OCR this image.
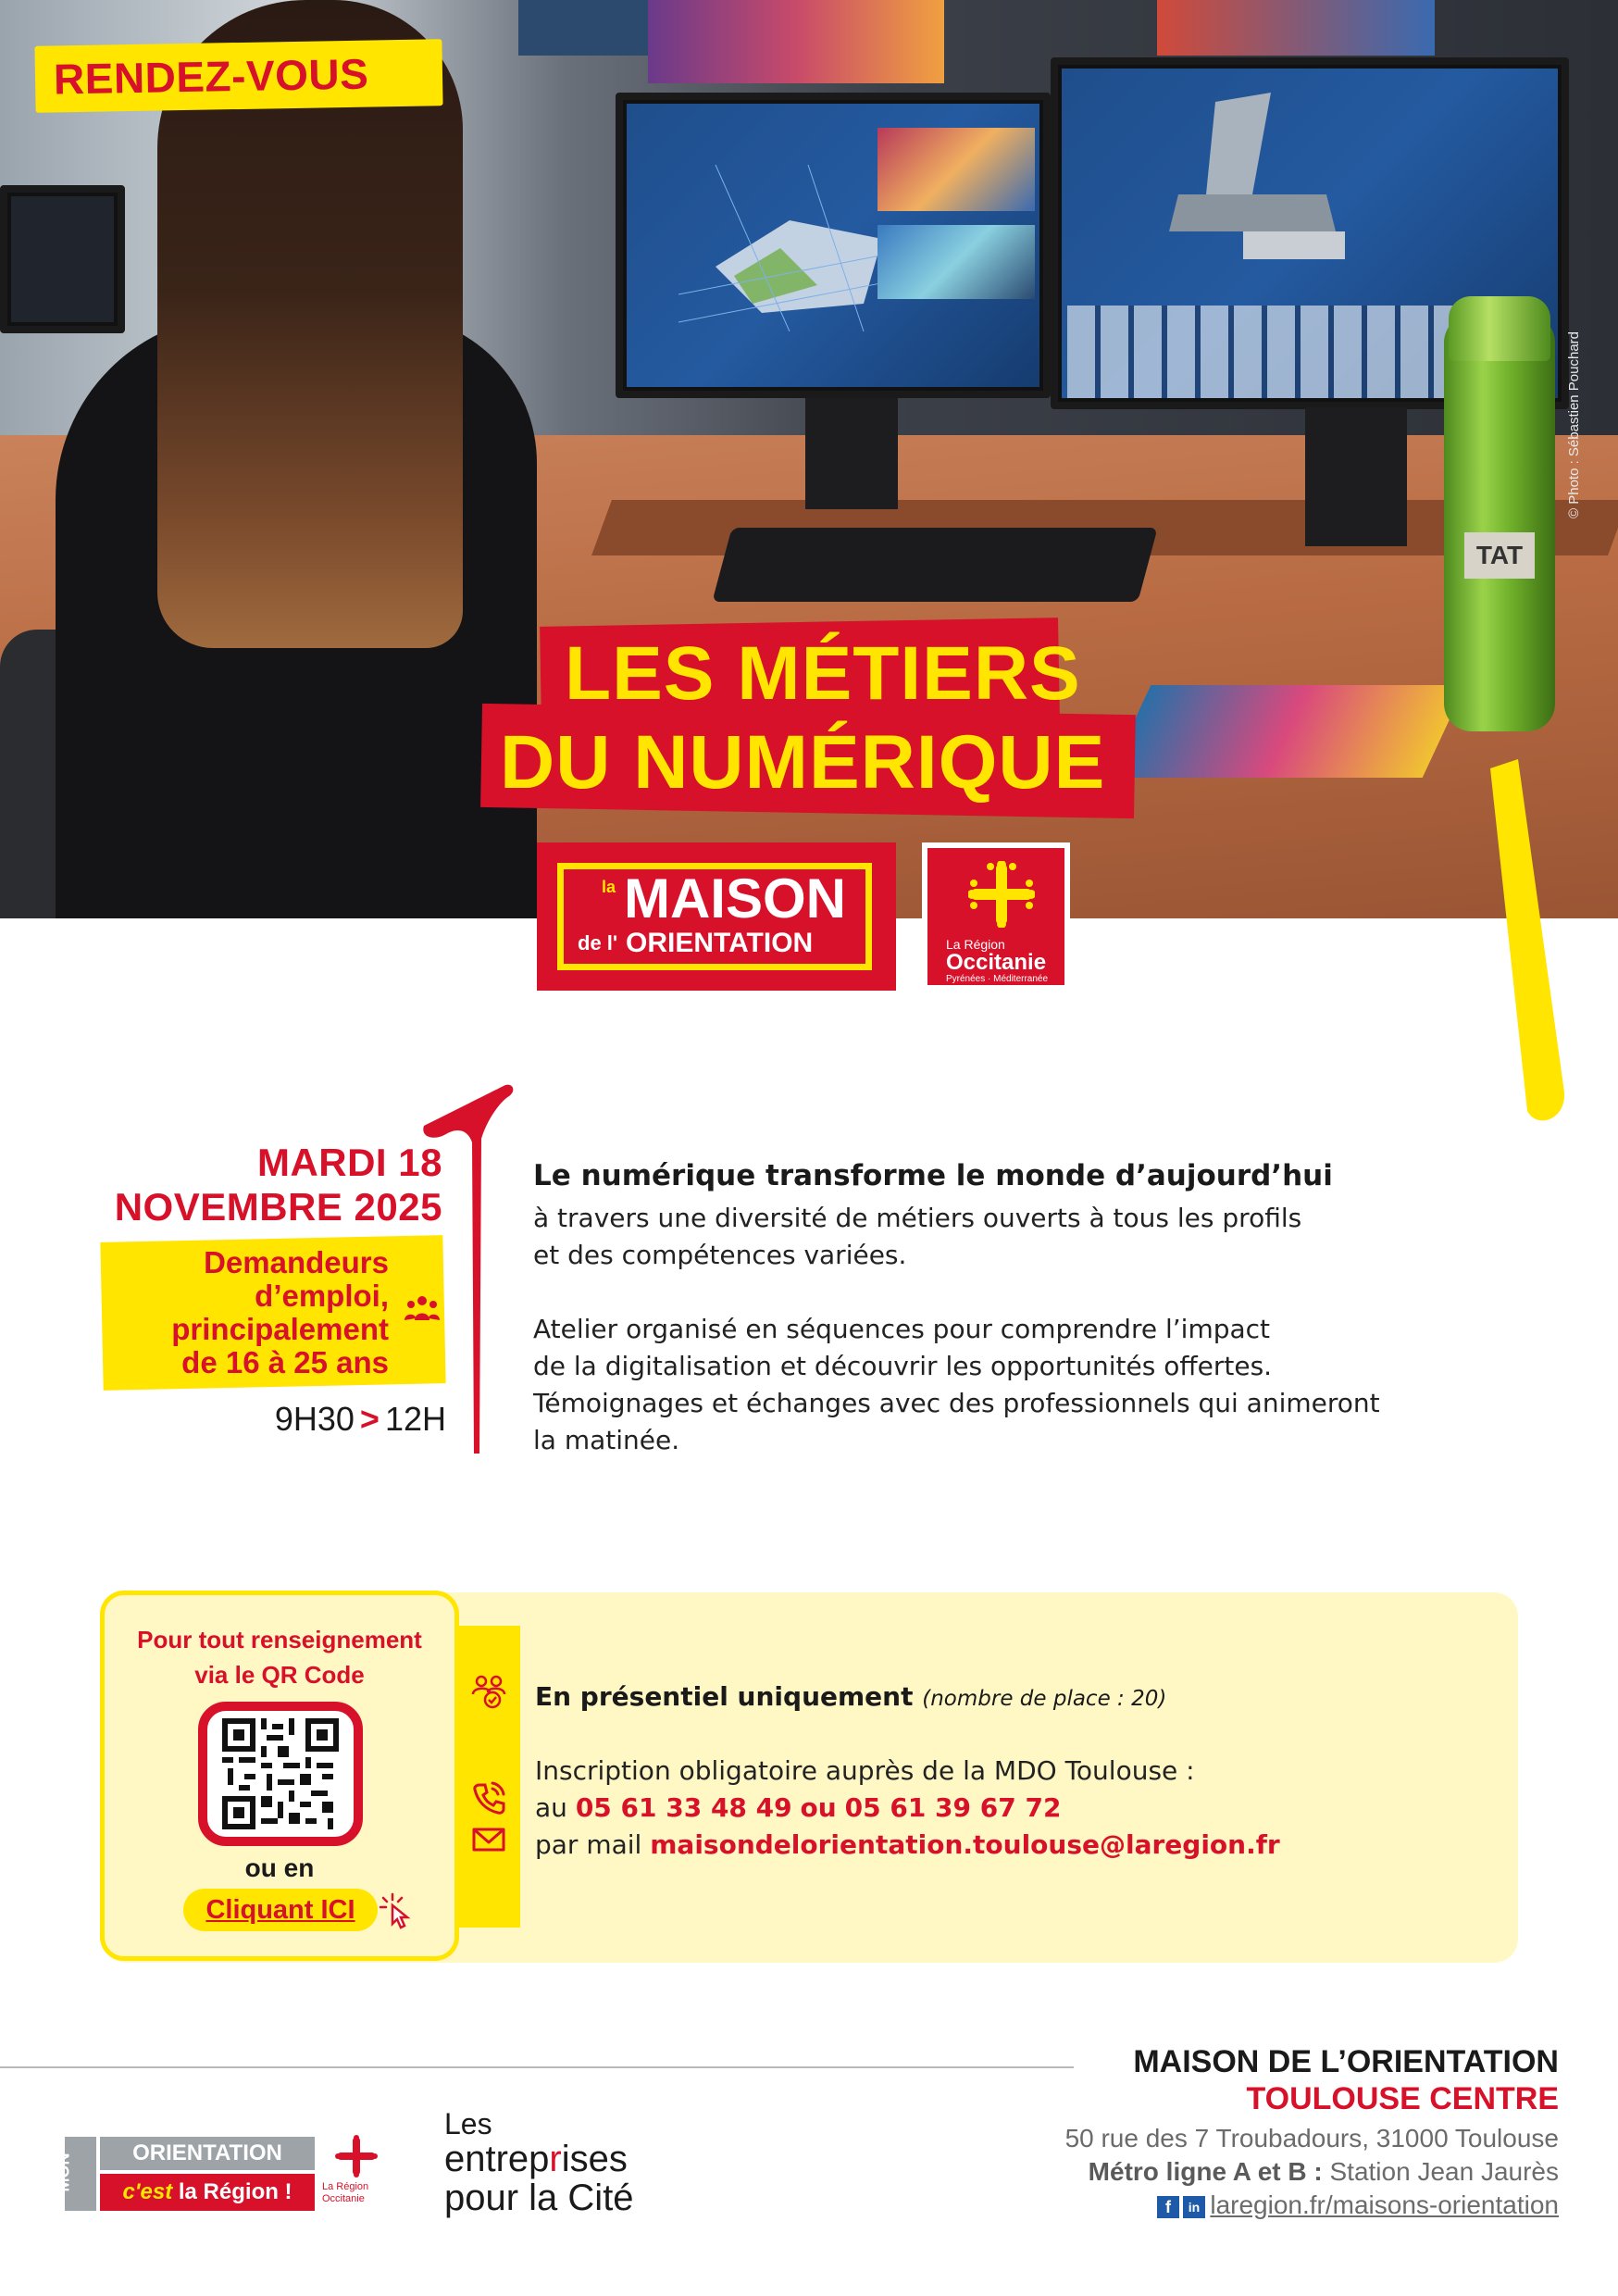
TAT
© Photo : Sébastien Pouchard
RENDEZ-VOUS
LES MÉTIERS
DU NUMÉRIQUE
la MAISON
de l' ORIENTATION	La Région
Occitanie
Pyrénées · Méditerranée
MARDI 18
NOVEMBRE 2025
Demandeurs
d’emploi,
principalement
de 16 à 25 ans
9H30 > 12H
Le numérique transforme le monde d’aujourd’hui
à travers une diversité de métiers ouverts à tous les profils
et des compétences variées.
Atelier organisé en séquences pour comprendre l’impact
de la digitalisation et découvrir les opportunités offertes.
Témoignages et échanges avec des professionnels qui animeront
la matinée.
Pour tout renseignement
via le QR Code
ou en
Cliquant ICI
En présentiel uniquement (nombre de place : 20)
Inscription obligatoire auprès de la MDO Toulouse :
au 05 61 33 48 49 ou 05 61 39 67 72
par mail maisondelorientation.toulouse@laregion.fr
MAISON DE L’ORIENTATION
TOULOUSE CENTRE
50 rue des 7 Troubadours, 31000 Toulouse
Métro ligne A et B : Station Jean Jaurès
f	in laregion.fr/maisons-orientation
MON	ORIENTATION
c'est la Région !	La Région
Occitanie
Les
entreprises
pour la Cité
